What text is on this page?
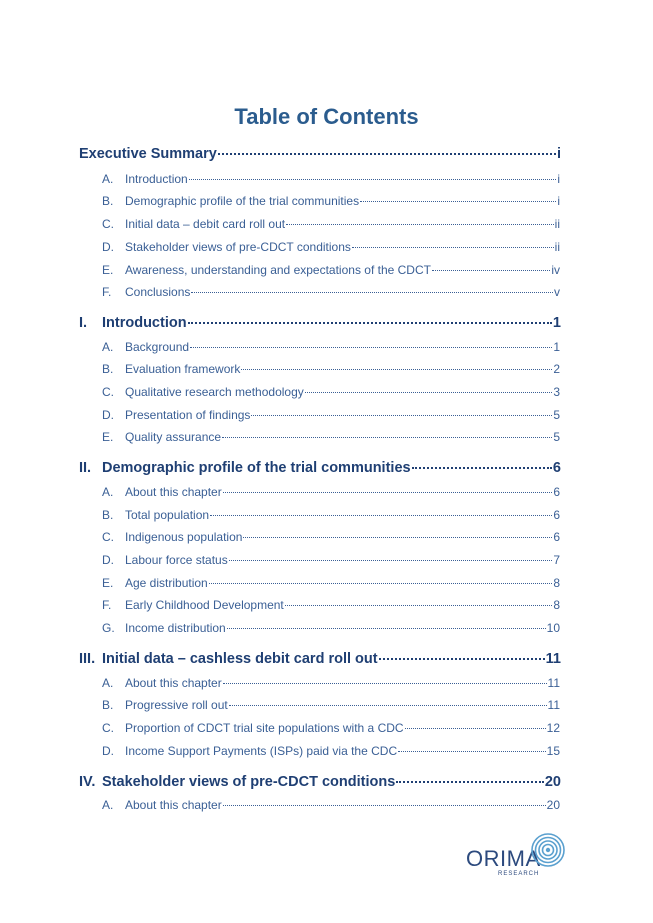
Table of Contents
Executive Summary	i
A. Introduction	i
B. Demographic profile of the trial communities	i
C. Initial data – debit card roll out	ii
D. Stakeholder views of pre-CDCT conditions	ii
E. Awareness, understanding and expectations of the CDCT	iv
F.	Conclusions	v
I.	Introduction	1
A. Background	1
B. Evaluation framework	2
C. Qualitative research methodology	3
D. Presentation of findings	5
E. Quality assurance	5
II. Demographic profile of the trial communities	6
A. About this chapter	6
B. Total population	6
C. Indigenous population	6
D. Labour force status	7
E. Age distribution	8
F.	Early Childhood Development	8
G. Income distribution	10
III. Initial data – cashless debit card roll out	11
A. About this chapter	11
B. Progressive roll out	11
C. Proportion of CDCT trial site populations with a CDC	12
D. Income Support Payments (ISPs) paid via the CDC	15
IV. Stakeholder views of pre-CDCT conditions	20
A. About this chapter	20
ORIMA
RESEARCH
